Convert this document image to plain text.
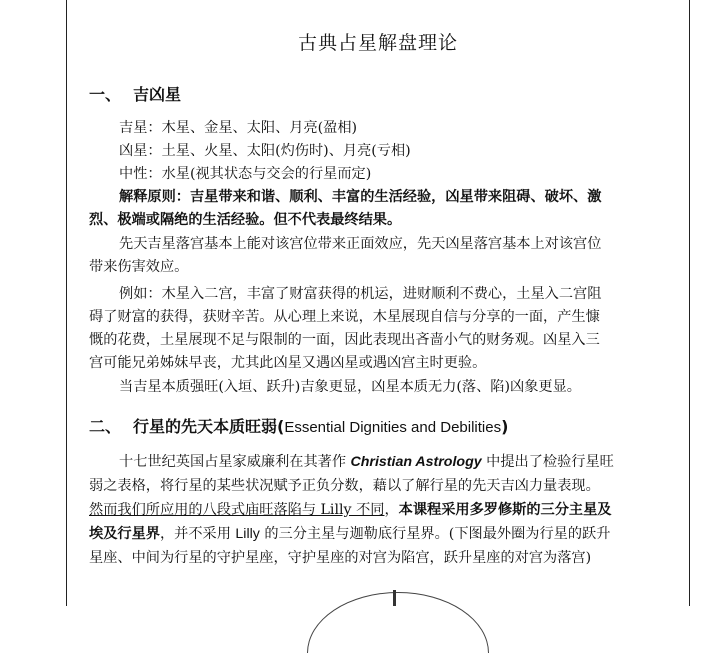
古典占星解盘理论
一、 吉凶星
吉星：木星、金星、太阳、月亮(盈相)
凶星：土星、火星、太阳(灼伤时)、月亮(亏相)
中性：水星(视其状态与交会的行星而定)
解释原则：吉星带来和谐、顺利、丰富的生活经验，凶星带来阻碍、破坏、激
烈、极端或隔绝的生活经验。但不代表最终结果。
先天吉星落宫基本上能对该宫位带来正面效应，先天凶星落宫基本上对该宫位
带来伤害效应。
例如：木星入二宫，丰富了财富获得的机运，进财顺利不费心，土星入二宫阻
碍了财富的获得，获财辛苦。从心理上来说，木星展现自信与分享的一面，产生慷
慨的花费，土星展现不足与限制的一面，因此表现出吝啬小气的财务观。凶星入三
宫可能兄弟姊妹早丧，尤其此凶星又遇凶星或遇凶宫主时更验。
当吉星本质强旺(入垣、跃升)吉象更显，凶星本质无力(落、陷)凶象更显。
二、 行星的先天本质旺弱(Essential Dignities and Debilities)
十七世纪英国占星家威廉利在其著作 Christian Astrology 中提出了检验行星旺
弱之表格，将行星的某些状况赋予正负分数，藉以了解行星的先天吉凶力量表现。
然而我们所应用的八段式庙旺落陷与 Lilly 不同，本课程采用多罗修斯的三分主星及
埃及行星界，并不采用 Lilly 的三分主星与迦勒底行星界。(下图最外圈为行星的跃升
星座、中间为行星的守护星座，守护星座的对宫为陷宫，跃升星座的对宫为落宫)
